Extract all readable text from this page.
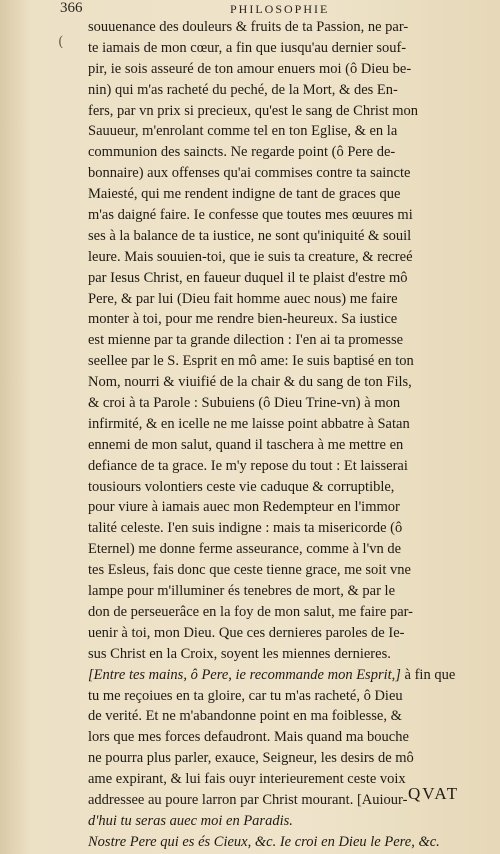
366	PHILOSOPHIE
(
souuenance des douleurs & fruits de ta Passion, ne par-
te iamais de mon cœur, a fin que iusqu'au dernier souf-
pir, ie sois asseuré de ton amour enuers moi (ô Dieu be-
nin) qui m'as racheté du peché, de la Mort, & des En-
fers, par vn prix si precieux, qu'est le sang de Christ mon
Sauueur, m'enrolant comme tel en ton Eglise, & en la
communion des saincts. Ne regarde point (ô Pere de-
bonnaire) aux offenses qu'ai commises contre ta saincte
Maiesté, qui me rendent indigne de tant de graces que
m'as daigné faire. Ie confesse que toutes mes œuures mi
ses à la balance de ta iustice, ne sont qu'iniquité & souil
leure. Mais souuien-toi, que ie suis ta creature, & recreé
par Iesus Christ, en faueur duquel il te plaist d'estre mô
Pere, & par lui (Dieu fait homme auec nous) me faire
monter à toi, pour me rendre bien-heureux. Sa iustice
est mienne par ta grande dilection : I'en ai ta promesse
seellee par le S. Esprit en mô ame: Ie suis baptisé en ton
Nom, nourri & viuifié de la chair & du sang de ton Fils,
& croi à ta Parole : Subuiens (ô Dieu Trine-vn) à mon
infirmité, & en icelle ne me laisse point abbatre à Satan
ennemi de mon salut, quand il taschera à me mettre en
defiance de ta grace. Ie m'y repose du tout : Et laisserai
tousiours volontiers ceste vie caduque & corruptible,
pour viure à iamais auec mon Redempteur en l'immor
talité celeste. I'en suis indigne : mais ta misericorde (ô
Eternel) me donne ferme asseurance, comme à l'vn de
tes Esleus, fais donc que ceste tienne grace, me soit vne
lampe pour m'illuminer és tenebres de mort, & par le
don de perseuerâce en la foy de mon salut, me faire par-
uenir à toi, mon Dieu. Que ces dernieres paroles de Ie-
sus Christ en la Croix, soyent les miennes dernieres.
[Entre tes mains, ô Pere, ie recommande mon Esprit,] à fin que
tu me reçoiues en ta gloire, car tu m'as racheté, ô Dieu
de verité. Et ne m'abandonne point en ma foiblesse, &
lors que mes forces defaudront. Mais quand ma bouche
ne pourra plus parler, exauce, Seigneur, les desirs de mô
ame expirant, & lui fais ouyr interieurement ceste voix
addressee au poure larron par Christ mourant. [Auiour-
d'hui tu seras auec moi en Paradis.
Nostre Pere qui es és Cieux, &c. Ie croi en Dieu le Pere, &c.
QVAT
